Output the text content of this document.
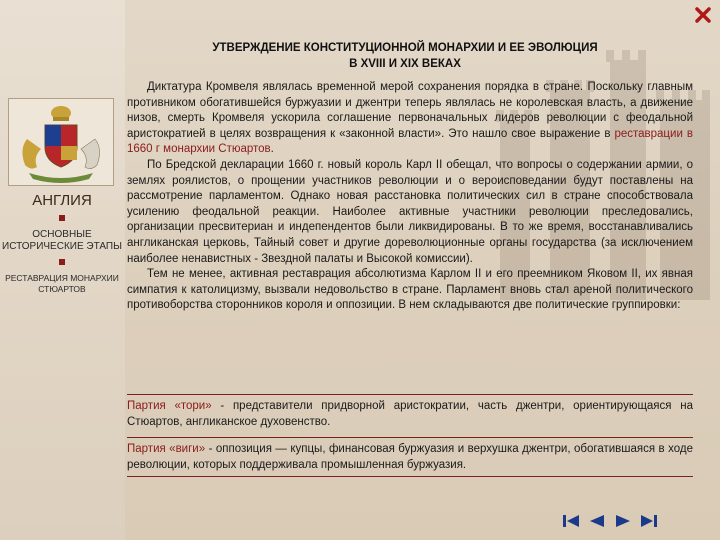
АНГЛИЯ
ОСНОВНЫЕ ИСТОРИЧЕСКИЕ ЭТАПЫ
РЕСТАВРАЦИЯ МОНАРХИИ СТЮАРТОВ
УТВЕРЖДЕНИЕ КОНСТИТУЦИОННОЙ МОНАРХИИ И ЕЕ ЭВОЛЮЦИЯ
В XVIII И XIX ВЕКАХ

Диктатура Кромвеля являлась временной мерой сохранения порядка в стране. Поскольку главным противником обогатившейся буржуазии и джентри теперь являлась не королевская власть, а движение низов, смерть Кромвеля ускорила соглашение первоначальных лидеров революции с феодальной аристократией в целях возвращения к «законной власти». Это нашло свое выражение в реставрации в 1660 г монархии Стюартов.

По Бредской декларации 1660 г. новый король Карл II обещал, что вопросы о содержании армии, о землях роялистов, о прощении участников революции и о вероисповедании будут поставлены на рассмотрение парламентом. Однако новая расстановка политических сил в стране способствовала усилению феодальной реакции. Наиболее активные участники революции преследовались, организации пресвитериан и индепендентов были ликвидированы. В то же время, восстанавливались англиканская церковь, Тайный совет и другие дореволюционные органы государства (за исключением наиболее ненавистных - Звездной палаты и Высокой комиссии).

Тем не менее, активная реставрация абсолютизма Карлом II и его преемником Яковом II, их явная симпатия к католицизму, вызвали недовольство в стране. Парламент вновь стал ареной политического противоборства сторонников короля и оппозиции. В нем складываются две политические группировки:

Партия «тори» - представители придворной аристократии, часть джентри, ориентирующаяся на Стюартов, англиканское духовенство.
Партия «виги» - оппозиция — купцы, финансовая буржуазия и верхушка джентри, обогатившаяся в ходе революции, которых поддерживала промышленная буржуазия.
